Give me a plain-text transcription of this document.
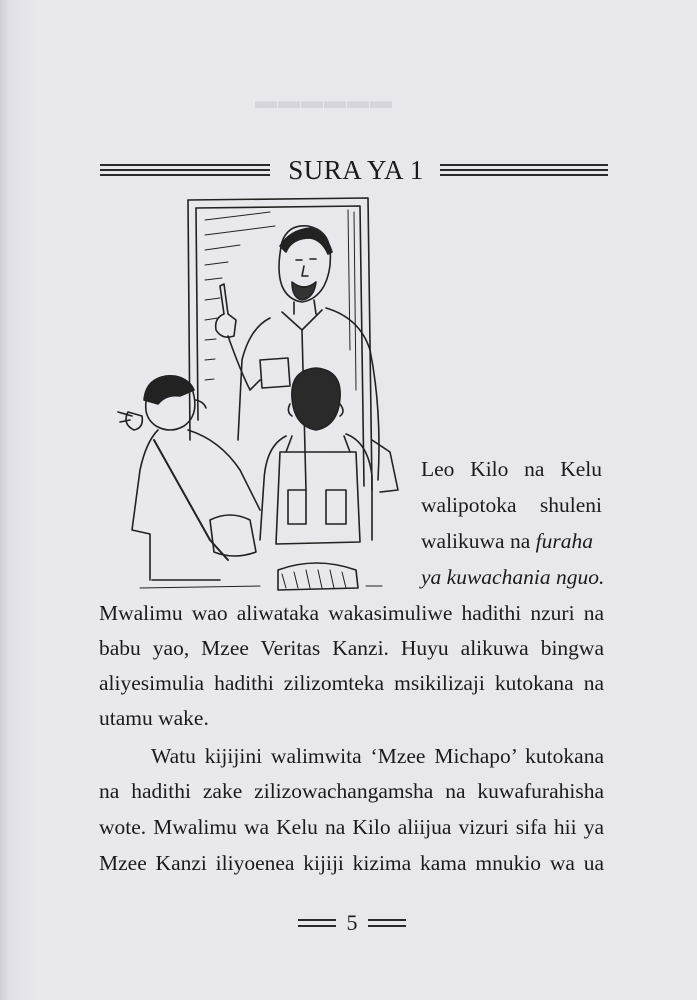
▬▬▬▬▬▬
SURA YA 1
Leo Kilo na Kelu
walipotoka shuleni
walikuwa na furaha
ya kuwachania nguo.
Mwalimu wao aliwataka wakasimuliwe hadithi nzuri na
babu yao, Mzee Veritas Kanzi. Huyu alikuwa bingwa
aliyesimulia hadithi zilizomteka msikilizaji kutokana na
utamu wake.
Watu kijijini walimwita ‘Mzee Michapo’ kutokana
na hadithi zake zilizowachangamsha na kuwafurahisha
wote. Mwalimu wa Kelu na Kilo aliijua vizuri sifa hii ya
Mzee Kanzi iliyoenea kijiji kizima kama mnukio wa ua
5
